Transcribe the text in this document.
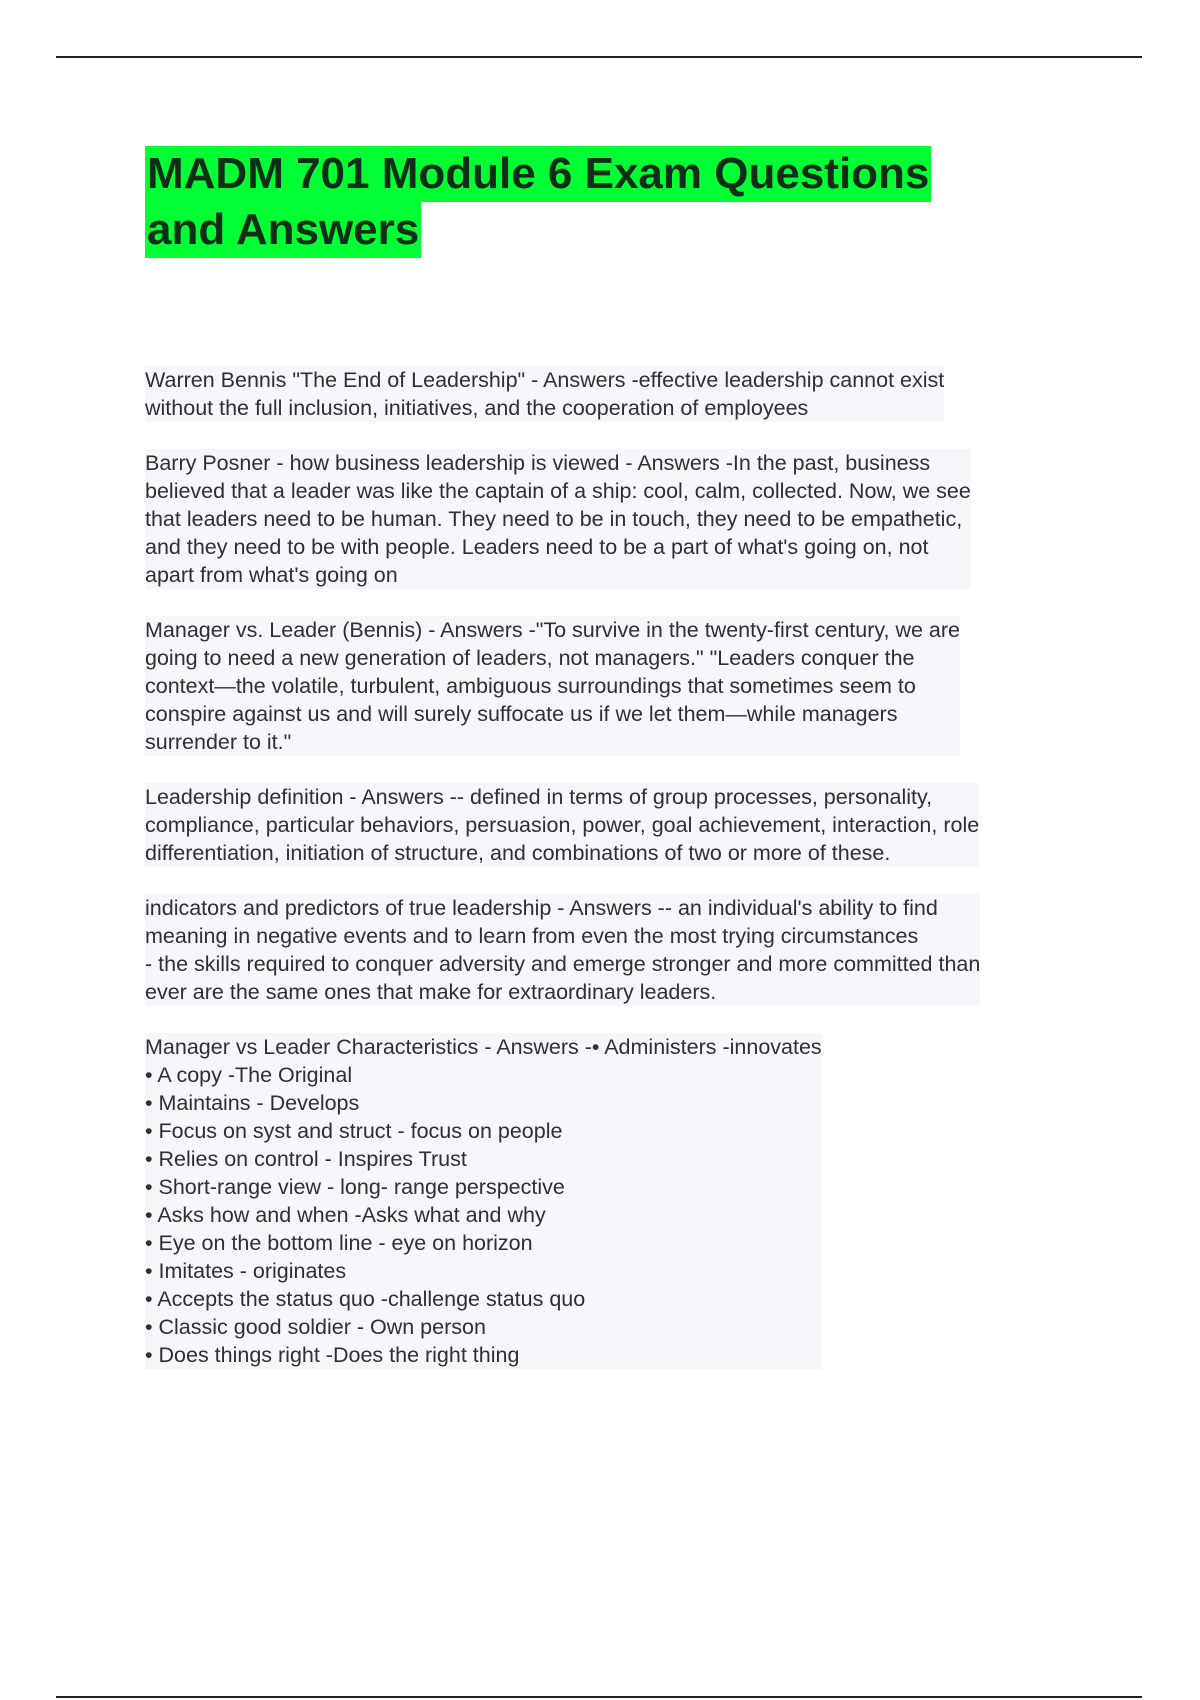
MADM 701 Module 6 Exam Questions
and Answers
Warren Bennis "The End of Leadership" - Answers -effective leadership cannot exist
without the full inclusion, initiatives, and the cooperation of employees
Barry Posner - how business leadership is viewed - Answers -In the past, business
believed that a leader was like the captain of a ship: cool, calm, collected. Now, we see
that leaders need to be human. They need to be in touch, they need to be empathetic,
and they need to be with people. Leaders need to be a part of what's going on, not
apart from what's going on
Manager vs. Leader (Bennis) - Answers -"To survive in the twenty-first century, we are
going to need a new generation of leaders, not managers." "Leaders conquer the
context—the volatile, turbulent, ambiguous surroundings that sometimes seem to
conspire against us and will surely suffocate us if we let them—while managers
surrender to it."
Leadership definition - Answers -- defined in terms of group processes, personality,
compliance, particular behaviors, persuasion, power, goal achievement, interaction, role
differentiation, initiation of structure, and combinations of two or more of these.
indicators and predictors of true leadership - Answers -- an individual's ability to find
meaning in negative events and to learn from even the most trying circumstances
- the skills required to conquer adversity and emerge stronger and more committed than
ever are the same ones that make for extraordinary leaders.
Manager vs Leader Characteristics - Answers -• Administers -innovates
• A copy -The Original
• Maintains - Develops
• Focus on syst and struct - focus on people
• Relies on control - Inspires Trust
• Short-range view - long- range perspective
• Asks how and when -Asks what and why
• Eye on the bottom line - eye on horizon
• Imitates - originates
• Accepts the status quo -challenge status quo
• Classic good soldier - Own person
• Does things right -Does the right thing
